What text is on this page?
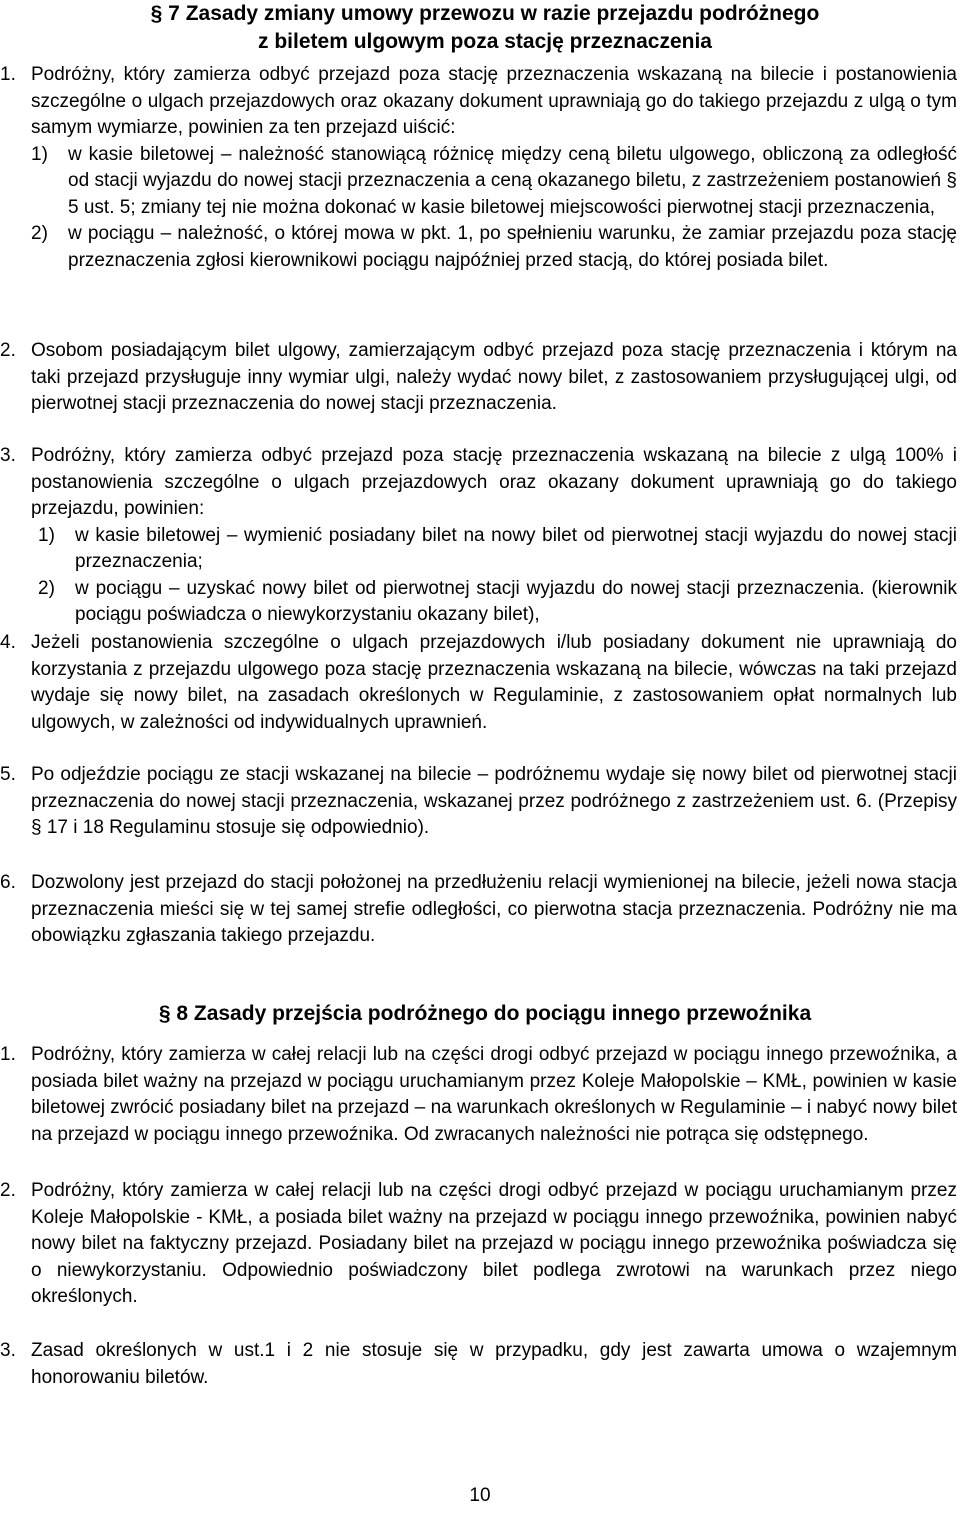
§ 7 Zasady zmiany umowy przewozu w razie przejazdu podróżnego

z biletem ulgowym poza stację przeznaczenia

1. Podróżny, który zamierza odbyć przejazd poza stację przeznaczenia wskazaną na bilecie i postanowienia szczególne o ulgach przejazdowych oraz okazany dokument uprawniają go do takiego przejazdu z ulgą o tym samym wymiarze, powinien za ten przejazd uiścić:

1) w kasie biletowej – należność stanowiącą różnicę między ceną biletu ulgowego, obliczoną za odległość od stacji wyjazdu do nowej stacji przeznaczenia a ceną okazanego biletu, z zastrzeżeniem postanowień § 5 ust. 5; zmiany tej nie można dokonać w kasie biletowej miejscowości pierwotnej stacji przeznaczenia,

2) w pociągu – należność, o której mowa w pkt. 1, po spełnieniu warunku, że zamiar przejazdu poza stację przeznaczenia zgłosi kierownikowi pociągu najpóźniej przed stacją, do której posiada bilet.

2. Osobom posiadającym bilet ulgowy, zamierzającym odbyć przejazd poza stację przeznaczenia i którym na taki przejazd przysługuje inny wymiar ulgi, należy wydać nowy bilet, z zastosowaniem przysługującej ulgi, od pierwotnej stacji przeznaczenia do nowej stacji przeznaczenia.

3. Podróżny, który zamierza odbyć przejazd poza stację przeznaczenia wskazaną na bilecie z ulgą 100% i postanowienia szczególne o ulgach przejazdowych oraz okazany dokument uprawniają go do takiego przejazdu, powinien:

1) w kasie biletowej – wymienić posiadany bilet na nowy bilet od pierwotnej stacji wyjazdu do nowej stacji przeznaczenia;

2) w pociągu – uzyskać nowy bilet od pierwotnej stacji wyjazdu do nowej stacji przeznaczenia. (kierownik pociągu poświadcza o niewykorzystaniu okazany bilet),

4. Jeżeli postanowienia szczególne o ulgach przejazdowych i/lub posiadany dokument nie uprawniają do korzystania z przejazdu ulgowego poza stację przeznaczenia wskazaną na bilecie, wówczas na taki przejazd wydaje się nowy bilet, na zasadach określonych w Regulaminie, z zastosowaniem opłat normalnych lub ulgowych, w zależności od indywidualnych uprawnień.

5. Po odjeździe pociągu ze stacji wskazanej na bilecie – podróżnemu wydaje się nowy bilet od pierwotnej stacji przeznaczenia do nowej stacji przeznaczenia, wskazanej przez podróżnego z zastrzeżeniem ust. 6. (Przepisy § 17 i 18 Regulaminu stosuje się odpowiednio).

6. Dozwolony jest przejazd do stacji położonej na przedłużeniu relacji wymienionej na bilecie, jeżeli nowa stacja przeznaczenia mieści się w tej samej strefie odległości, co pierwotna stacja przeznaczenia. Podróżny nie ma obowiązku zgłaszania takiego przejazdu.

§ 8 Zasady przejścia podróżnego do pociągu innego przewoźnika

1. Podróżny, który zamierza w całej relacji lub na części drogi odbyć przejazd w pociągu innego przewoźnika, a posiada bilet ważny na przejazd w pociągu uruchamianym przez Koleje Małopolskie – KMŁ, powinien w kasie biletowej zwrócić posiadany bilet na przejazd – na warunkach określonych w Regulaminie – i nabyć nowy bilet na przejazd w pociągu innego przewoźnika. Od zwracanych należności nie potrąca się odstępnego.

2. Podróżny, który zamierza w całej relacji lub na części drogi odbyć przejazd w pociągu uruchamianym przez Koleje Małopolskie - KMŁ, a posiada bilet ważny na przejazd w pociągu innego przewoźnika, powinien nabyć nowy bilet na faktyczny przejazd. Posiadany bilet na przejazd w pociągu innego przewoźnika poświadcza się o niewykorzystaniu. Odpowiednio poświadczony bilet podlega zwrotowi na warunkach przez niego określonych.

3. Zasad określonych w ust.1 i 2 nie stosuje się w przypadku, gdy jest zawarta umowa o wzajemnym honorowaniu biletów.

10
